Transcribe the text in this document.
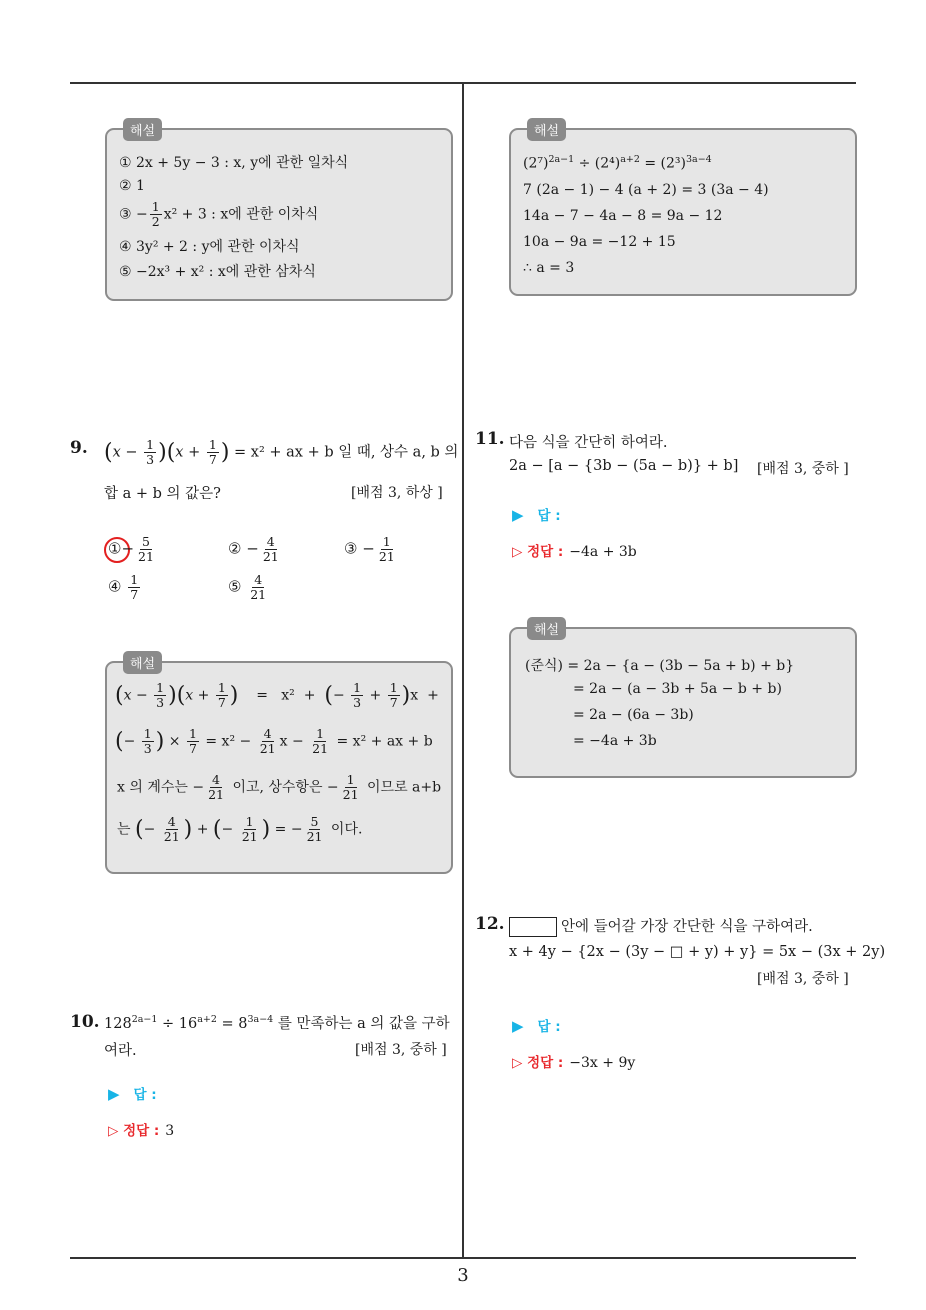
해설
① 2x + 5y − 3 : x, y에 관한 일차식
② 1
③ − $\frac{1}{2} x^2 + 3$ : x에 관한 이차식
④ 3y² + 2 : y에 관한 이차식
⑤ −2x³ + x² : x에 관한 삼차식
해설
$(2^7)^{2a-1} \div (2^4)^{a+2} = (2^3)^{3a-4}$
7 (2a − 1) − 4 (a + 2) = 3 (3a − 4)
14a − 7 − 4a − 8 = 9a − 12
10a − 9a = −12 + 15
∴ a = 3
9. $(x - \frac{1}{3} )(x + \frac{1}{7}$ ) = x² + ax + b 일 때, 상수 a, b 의
합 a + b 의 값은?	[배점 3, 하상 ]
①− $\frac{5}{21}$	② − $\frac{4}{21}$	③ − $\frac{1}{21}$
④ $\frac{1}{7}$	⑤ $\frac{4}{21}$
해설
$(x - \frac{1}{3} )(x + \frac{1}{7}$ ) = x² + (− $\frac{1}{3} + \frac{1}{7} )x$ +
(− $\frac{1}{3}$ ) × $\frac{1}{7} = x^2 - \frac{4}{21}$ $x - \frac{1}{21} = x^2$ + ax + b
x 의 계수는 − $\frac{4}{21}$ 이고, 상수항은 − $\frac{1}{21}$ 이므로 a+b
는 (− $\frac{4}{21}$ ) + (− $\frac{1}{21}$ ) = − $\frac{5}{21}$ 이다.
10. $128^{2a-1} \div 16^{a+2} = 8^{3a-4}$ 를 만족하는 a 의 값을 구하
여라.	[배점 3, 중하 ]
▶ 답 :
▷ 정답 : 3
11. 다음 식을 간단히 하여라.
2a − [a − {3b − (5a − b)} + b] [배점 3, 중하 ]
▶ 답 :
▷ 정답 : −4a + 3b
해설
(준식) = 2a − {a − (3b − 5a + b) + b}
= 2a − (a − 3b + 5a − b + b)
= 2a − (6a − 3b)
= −4a + 3b
12.	안에 들어갈 가장 간단한 식을 구하여라.
x + 4y − {2x − (3y − □ + y) + y} = 5x − (3x + 2y)
[배점 3, 중하 ]
▶ 답 :
▷ 정답 : −3x + 9y
3
